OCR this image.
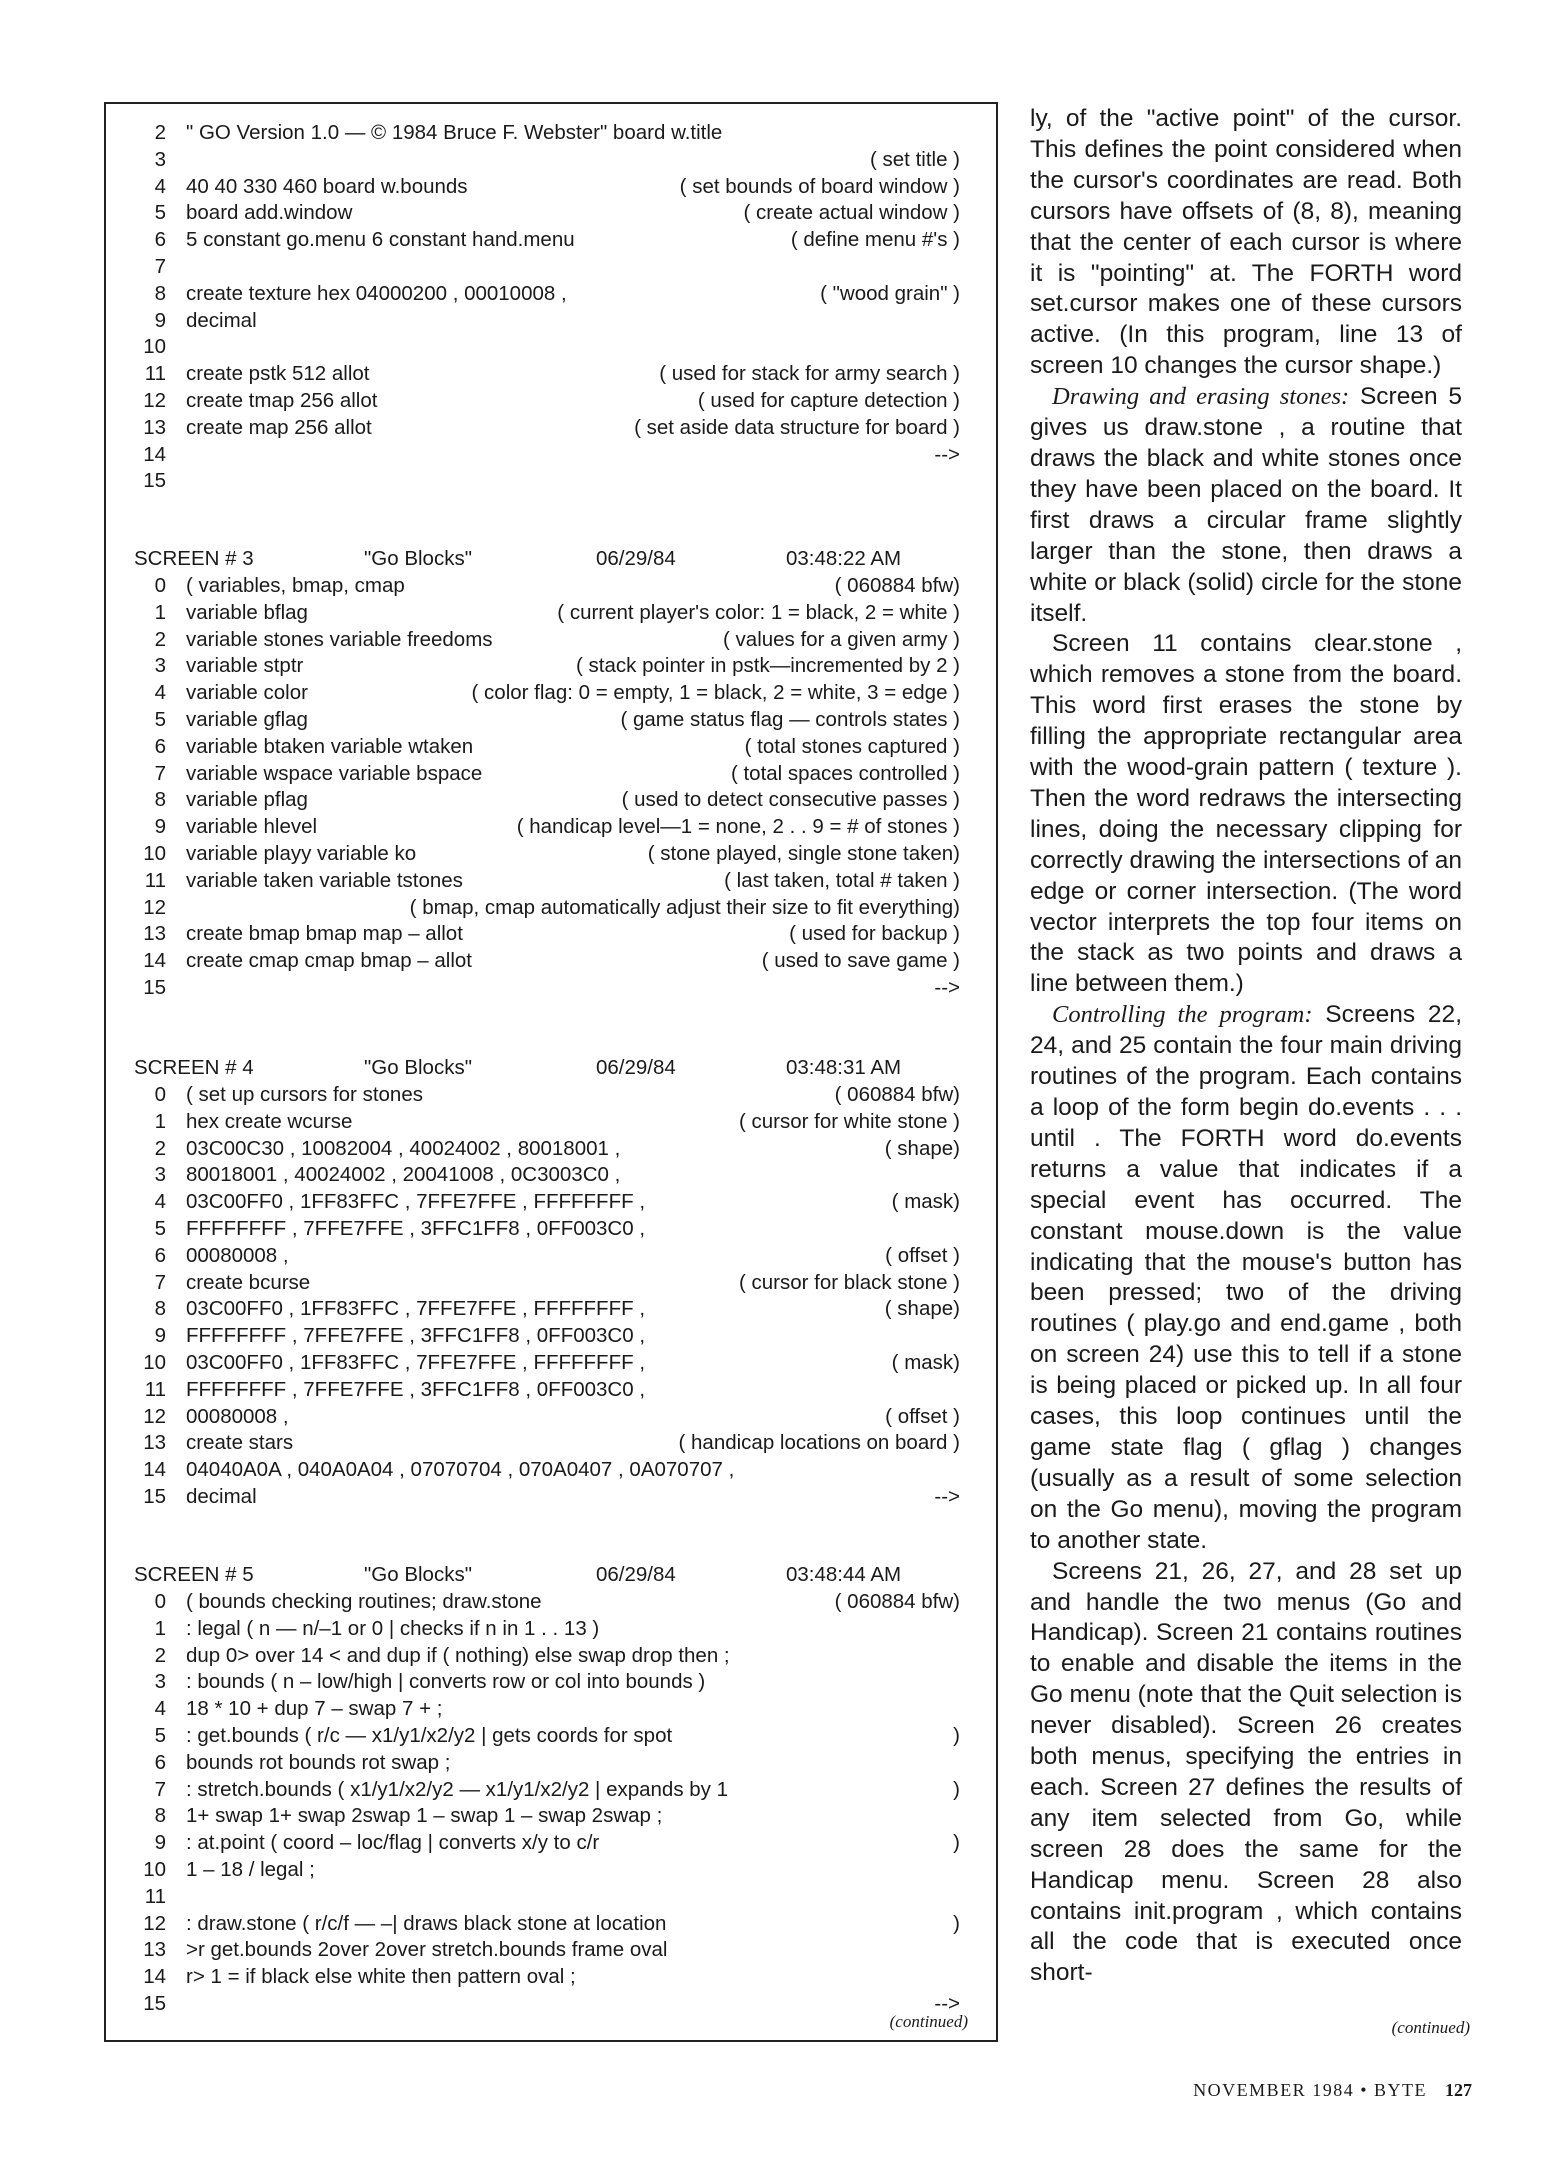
2 " GO Version 1.0 — © 1984 Bruce F. Webster" board w.title
3	( set title )
4 40 40 330 460 board w.bounds	( set bounds of board window )
5 board add.window	( create actual window )
6 5 constant go.menu 6 constant hand.menu	( define menu #'s )
7
8 create texture hex 04000200 , 00010008 ,	( "wood grain" )
9 decimal
10
11 create pstk 512 allot	( used for stack for army search )
12 create tmap 256 allot	( used for capture detection )
13 create map 256 allot	( set aside data structure for board )
14	-->
15
SCREEN # 3	"Go Blocks"	06/29/84	03:48:22 AM
0 ( variables, bmap, cmap	( 060884 bfw)
1 variable bflag	( current player's color: 1 = black, 2 = white )
2 variable stones variable freedoms	( values for a given army )
3 variable stptr	( stack pointer in pstk—incremented by 2 )
4 variable color	( color flag: 0 = empty, 1 = black, 2 = white, 3 = edge )
5 variable gflag	( game status flag — controls states )
6 variable btaken variable wtaken	( total stones captured )
7 variable wspace variable bspace	( total spaces controlled )
8 variable pflag	( used to detect consecutive passes )
9 variable hlevel	( handicap level—1 = none, 2 . . 9 = # of stones )
10 variable playy variable ko	( stone played, single stone taken)
11 variable taken variable tstones	( last taken, total # taken )
12	( bmap, cmap automatically adjust their size to fit everything)
13 create bmap bmap map – allot	( used for backup )
14 create cmap cmap bmap – allot	( used to save game )
15	-->
SCREEN # 4	"Go Blocks"	06/29/84	03:48:31 AM
0 ( set up cursors for stones	( 060884 bfw)
1 hex create wcurse	( cursor for white stone )
2 03C00C30 , 10082004 , 40024002 , 80018001 ,	( shape)
3 80018001 , 40024002 , 20041008 , 0C3003C0 ,
4 03C00FF0 , 1FF83FFC , 7FFE7FFE , FFFFFFFF ,	( mask)
5 FFFFFFFF , 7FFE7FFE , 3FFC1FF8 , 0FF003C0 ,
6 00080008 ,	( offset )
7 create bcurse	( cursor for black stone )
8 03C00FF0 , 1FF83FFC , 7FFE7FFE , FFFFFFFF ,	( shape)
9 FFFFFFFF , 7FFE7FFE , 3FFC1FF8 , 0FF003C0 ,
10 03C00FF0 , 1FF83FFC , 7FFE7FFE , FFFFFFFF ,	( mask)
11 FFFFFFFF , 7FFE7FFE , 3FFC1FF8 , 0FF003C0 ,
12 00080008 ,	( offset )
13 create stars	( handicap locations on board )
14 04040A0A , 040A0A04 , 07070704 , 070A0407 , 0A070707 ,
15 decimal	-->
SCREEN # 5	"Go Blocks"	06/29/84	03:48:44 AM
0 ( bounds checking routines; draw.stone	( 060884 bfw)
1 : legal ( n — n/–1 or 0 | checks if n in 1 . . 13 )
2 dup 0> over 14 < and dup if ( nothing) else swap drop then ;
3 : bounds ( n – low/high | converts row or col into bounds )
4 18 * 10 + dup 7 – swap 7 + ;
5 : get.bounds ( r/c — x1/y1/x2/y2 | gets coords for spot	)
6 bounds rot bounds rot swap ;
7 : stretch.bounds ( x1/y1/x2/y2 — x1/y1/x2/y2 | expands by 1	)
8 1+ swap 1+ swap 2swap 1 – swap 1 – swap 2swap ;
9 : at.point ( coord – loc/flag | converts x/y to c/r	)
10 1 – 18 / legal ;
11
12 : draw.stone ( r/c/f — –| draws black stone at location	)
13 >r get.bounds 2over 2over stretch.bounds frame oval
14 r> 1 = if black else white then pattern oval ;
15	-->
(continued)

ly, of the "active point" of the cursor. This defines the point considered when the cursor's coordinates are read. Both cursors have offsets of (8, 8), meaning that the center of each cursor is where it is "pointing" at. The FORTH word set.cursor makes one of these cursors active. (In this program, line 13 of screen 10 changes the cursor shape.)

Drawing and erasing stones: Screen 5 gives us draw.stone , a routine that draws the black and white stones once they have been placed on the board. It first draws a circular frame slightly larger than the stone, then draws a white or black (solid) circle for the stone itself.

Screen 11 contains clear.stone , which removes a stone from the board. This word first erases the stone by filling the appropriate rectangular area with the wood-grain pattern ( texture ). Then the word redraws the intersecting lines, doing the necessary clipping for correctly drawing the intersections of an edge or corner intersection. (The word vector interprets the top four items on the stack as two points and draws a line between them.)

Controlling the program: Screens 22, 24, and 25 contain the four main driving routines of the program. Each contains a loop of the form begin do.events . . . until . The FORTH word do.events returns a value that indicates if a special event has occurred. The constant mouse.down is the value indicating that the mouse's button has been pressed; two of the driving routines ( play.go and end.game , both on screen 24) use this to tell if a stone is being placed or picked up. In all four cases, this loop continues until the game state flag ( gflag ) changes (usually as a result of some selection on the Go menu), moving the program to another state.

Screens 21, 26, 27, and 28 set up and handle the two menus (Go and Handicap). Screen 21 contains routines to enable and disable the items in the Go menu (note that the Quit selection is never disabled). Screen 26 creates both menus, specifying the entries in each. Screen 27 defines the results of any item selected from Go, while screen 28 does the same for the Handicap menu. Screen 28 also contains init.program , which contains all the code that is executed once short-

(continued)
NOVEMBER 1984 • BYTE 127
